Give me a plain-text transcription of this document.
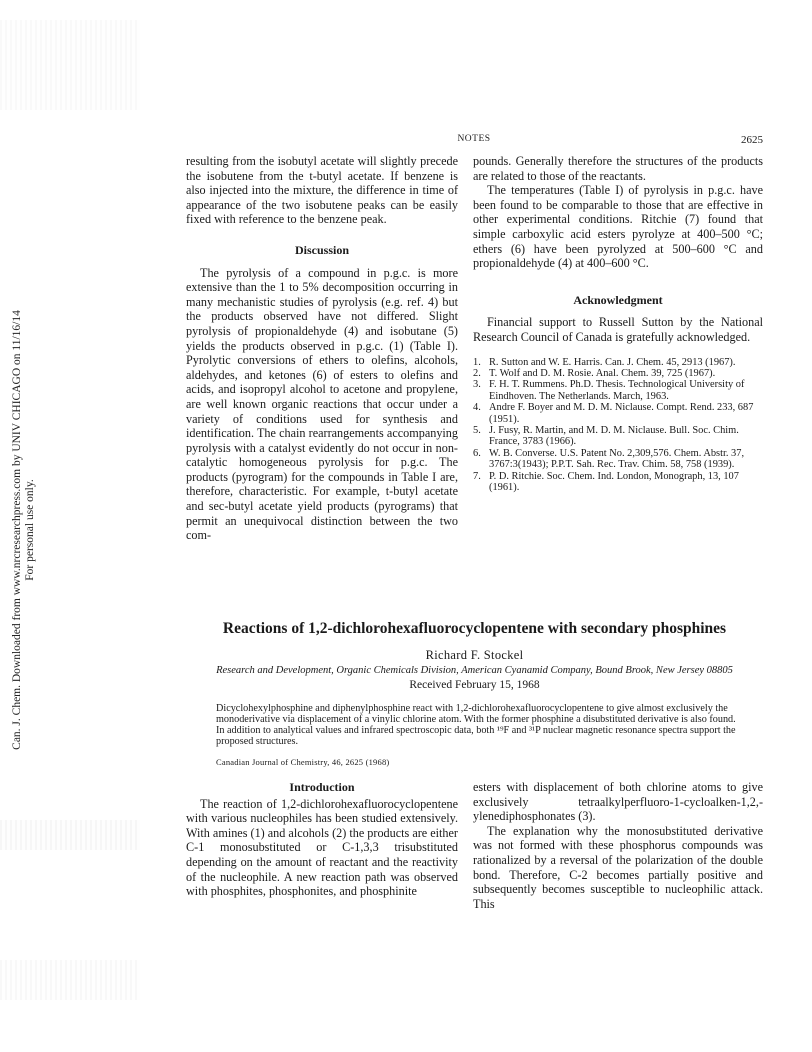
Can. J. Chem. Downloaded from www.nrcresearchpress.com by UNIV CHICAGO on 11/16/14 For personal use only.
NOTES	2625

resulting from the isobutyl acetate will slightly precede the isobutene from the t-butyl acetate. If benzene is also injected into the mixture, the difference in time of appearance of the two isobutene peaks can be easily fixed with reference to the benzene peak.

Discussion

The pyrolysis of a compound in p.g.c. is more extensive than the 1 to 5% decomposition occurring in many mechanistic studies of pyrolysis (e.g. ref. 4) but the products observed have not differed. Slight pyrolysis of propionaldehyde (4) and isobutane (5) yields the products observed in p.g.c. (1) (Table I). Pyrolytic conversions of ethers to olefins, alcohols, aldehydes, and ketones (6) of esters to olefins and acids, and isopropyl alcohol to acetone and propylene, are well known organic reactions that occur under a variety of conditions used for synthesis and identification. The chain rearrangements accompanying pyrolysis with a catalyst evidently do not occur in non-catalytic homogeneous pyrolysis for p.g.c. The products (pyrogram) for the compounds in Table I are, therefore, characteristic. For example, t-butyl acetate and sec-butyl acetate yield products (pyrograms) that permit an unequivocal distinction between the two com-

pounds. Generally therefore the structures of the products are related to those of the reactants.

The temperatures (Table I) of pyrolysis in p.g.c. have been found to be comparable to those that are effective in other experimental conditions. Ritchie (7) found that simple carboxylic acid esters pyrolyze at 400–500 °C; ethers (6) have been pyrolyzed at 500–600 °C and propionaldehyde (4) at 400–600 °C.

Acknowledgment

Financial support to Russell Sutton by the National Research Council of Canada is gratefully acknowledged.

1. R. Sutton and W. E. Harris. Can. J. Chem. 45, 2913 (1967).
2. T. Wolf and D. M. Rosie. Anal. Chem. 39, 725 (1967).
3. F. H. T. Rummens. Ph.D. Thesis. Technological University of Eindhoven. The Netherlands. March, 1963.
4. Andre F. Boyer and M. D. M. Niclause. Compt. Rend. 233, 687 (1951).
5. J. Fusy, R. Martin, and M. D. M. Niclause. Bull. Soc. Chim. France, 3783 (1966).
6. W. B. Converse. U.S. Patent No. 2,309,576. Chem. Abstr. 37, 3767:3(1943); P.P.T. Sah. Rec. Trav. Chim. 58, 758 (1939).
7. P. D. Ritchie. Soc. Chem. Ind. London, Monograph, 13, 107 (1961).
Reactions of 1,2-dichlorohexafluorocyclopentene with secondary phosphines
Richard F. Stockel
Research and Development, Organic Chemicals Division, American Cyanamid Company, Bound Brook, New Jersey 08805
Received February 15, 1968
Dicyclohexylphosphine and diphenylphosphine react with 1,2-dichlorohexafluorocyclopentene to give almost exclusively the monoderivative via displacement of a vinylic chlorine atom. With the former phosphine a disubstituted derivative is also found. In addition to analytical values and infrared spectroscopic data, both ¹⁹F and ³¹P nuclear magnetic resonance spectra support the proposed structures.
Canadian Journal of Chemistry, 46, 2625 (1968)
Introduction

The reaction of 1,2-dichlorohexafluorocyclopentene with various nucleophiles has been studied extensively. With amines (1) and alcohols (2) the products are either C-1 monosubstituted or C-1,3,3 trisubstituted depending on the amount of reactant and the reactivity of the nucleophile. A new reaction path was observed with phosphites, phosphonites, and phosphinite

esters with displacement of both chlorine atoms to give exclusively tetraalkylperfluoro-1-cycloalken-1,2,-ylenediphosphonates (3).

The explanation why the monosubstituted derivative was not formed with these phosphorus compounds was rationalized by a reversal of the polarization of the double bond. Therefore, C-2 becomes partially positive and subsequently becomes susceptible to nucleophilic attack. This
